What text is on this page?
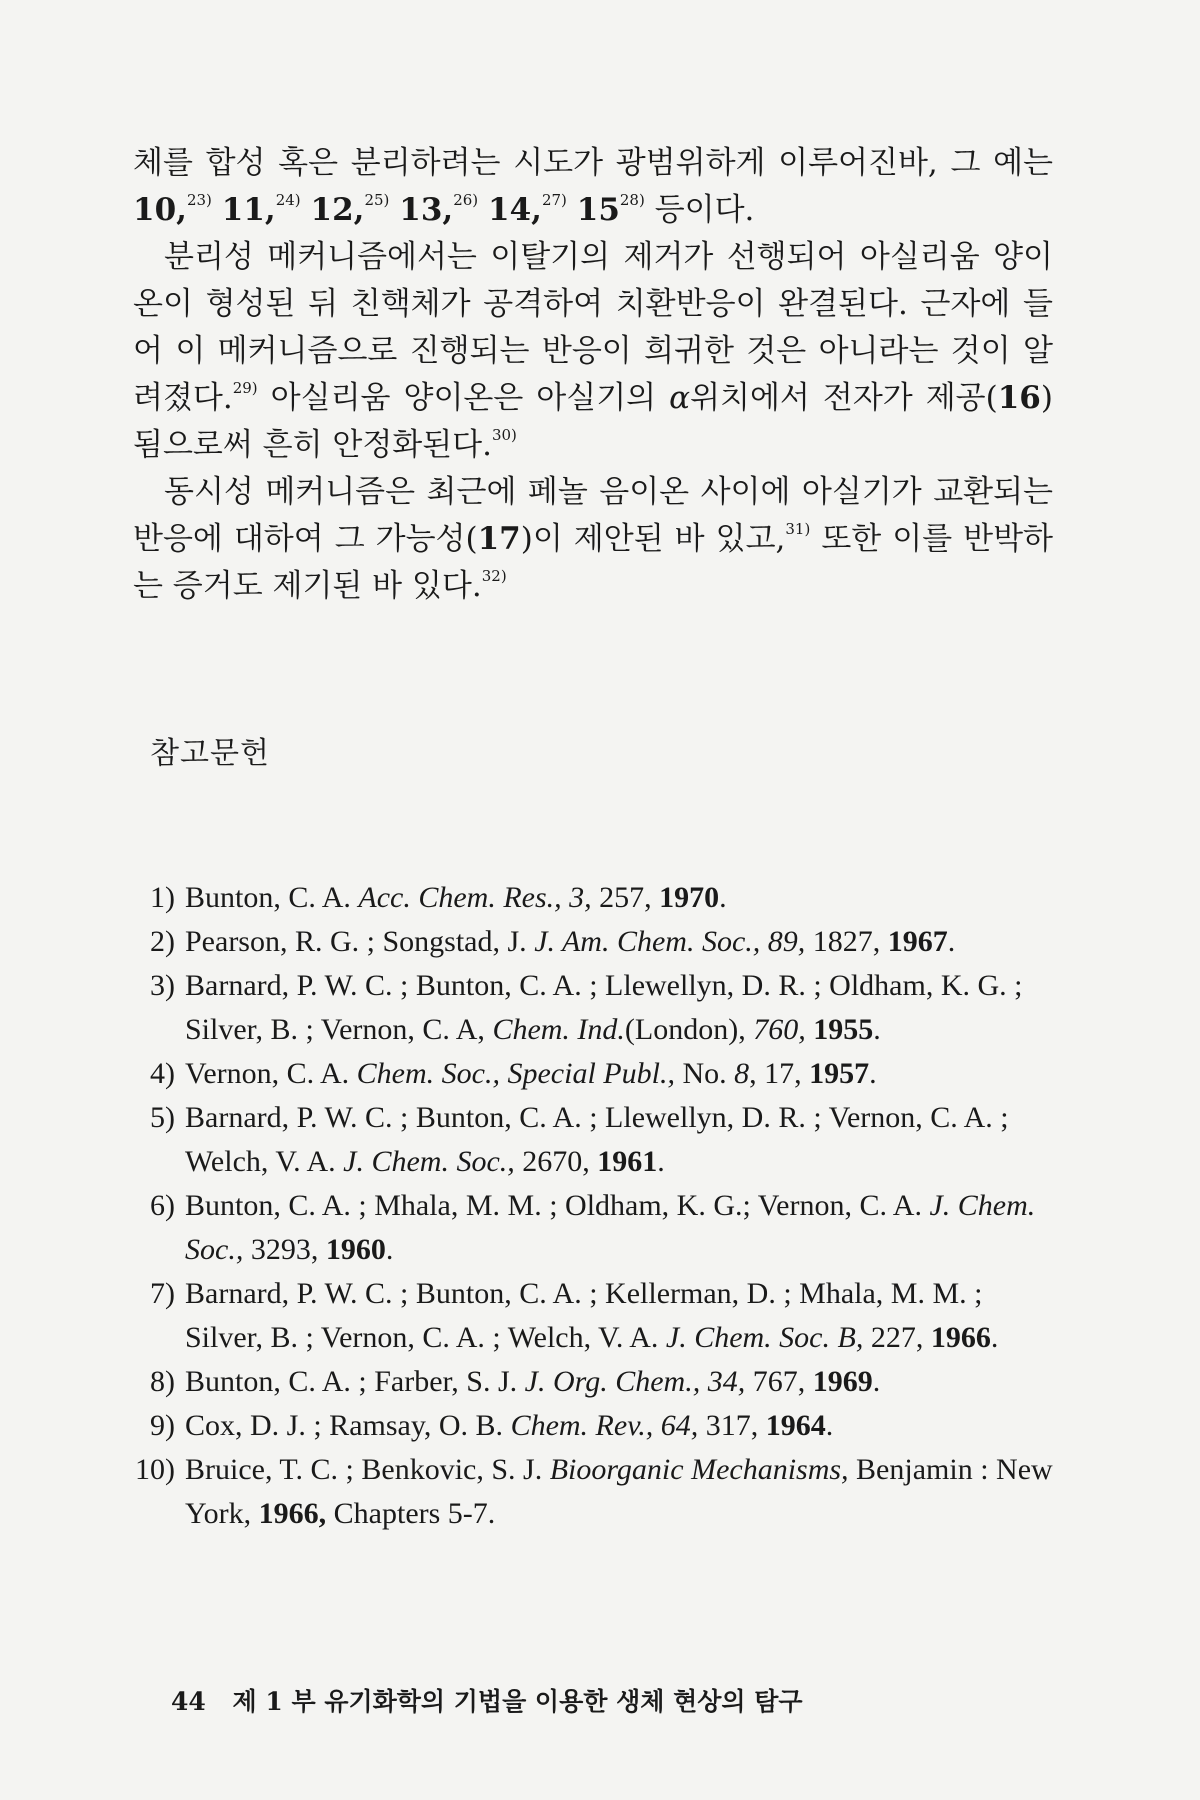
체를 합성 혹은 분리하려는 시도가 광범위하게 이루어진바, 그 예는 10,$^{23)}$ 11,$^{24)}$ 12,$^{25)}$ 13,$^{26)}$ 14,$^{27)}$ 15$^{28)}$ 등이다.

분리성 메커니즘에서는 이탈기의 제거가 선행되어 아실리움 양이온이 형성된 뒤 친핵체가 공격하여 치환반응이 완결된다. 근자에 들어 이 메커니즘으로 진행되는 반응이 희귀한 것은 아니라는 것이 알려졌다.$^{29)}$ 아실리움 양이온은 아실기의 α위치에서 전자가 제공(16)됨으로써 흔히 안정화된다.$^{30)}$

동시성 메커니즘은 최근에 페놀 음이온 사이에 아실기가 교환되는 반응에 대하여 그 가능성(17)이 제안된 바 있고,$^{31)}$ 또한 이를 반박하는 증거도 제기된 바 있다.$^{32)}$

참고문헌
1) Bunton, C. A. Acc. Chem. Res., 3, 257, 1970.
2) Pearson, R. G. ; Songstad, J. J. Am. Chem. Soc., 89, 1827, 1967.
3) Barnard, P. W. C. ; Bunton, C. A. ; Llewellyn, D. R. ; Oldham, K. G. ; Silver, B. ; Vernon, C. A, Chem. Ind.(London), 760, 1955.
4) Vernon, C. A. Chem. Soc., Special Publ., No. 8, 17, 1957.
5) Barnard, P. W. C. ; Bunton, C. A. ; Llewellyn, D. R. ; Vernon, C. A. ; Welch, V. A. J. Chem. Soc., 2670, 1961.
6) Bunton, C. A. ; Mhala, M. M. ; Oldham, K. G.; Vernon, C. A. J. Chem. Soc., 3293, 1960.
7) Barnard, P. W. C. ; Bunton, C. A. ; Kellerman, D. ; Mhala, M. M. ; Silver, B. ; Vernon, C. A. ; Welch, V. A. J. Chem. Soc. B, 227, 1966.
8) Bunton, C. A. ; Farber, S. J. J. Org. Chem., 34, 767, 1969.
9) Cox, D. J. ; Ramsay, O. B. Chem. Rev., 64, 317, 1964.
10) Bruice, T. C. ; Benkovic, S. J. Bioorganic Mechanisms, Benjamin : New York, 1966, Chapters 5-7.
44 제 1 부 유기화학의 기법을 이용한 생체 현상의 탐구
